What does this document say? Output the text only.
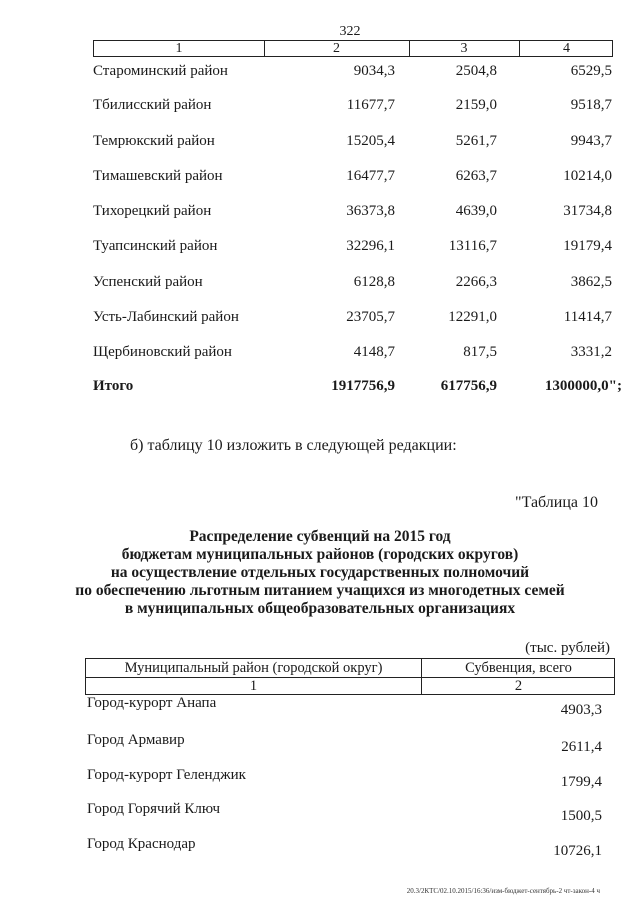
322
1	2	3	4
Староминский район	9034,3	2504,8	6529,5
Тбилисский район	11677,7	2159,0	9518,7
Темрюкский район	15205,4	5261,7	9943,7
Тимашевский район	16477,7	6263,7	10214,0
Тихорецкий район	36373,8	4639,0	31734,8
Туапсинский район	32296,1	13116,7	19179,4
Успенский район	6128,8	2266,3	3862,5
Усть-Лабинский район	23705,7	12291,0	11414,7
Щербиновский район	4148,7	817,5	3331,2
Итого	1917756,9	617756,9	1300000,0";
б) таблицу 10 изложить в следующей редакции:
"Таблица 10
Распределение субвенций на 2015 год
бюджетам муниципальных районов (городских округов)
на осуществление отдельных государственных полномочий
по обеспечению льготным питанием учащихся из многодетных семей
в муниципальных общеобразовательных организациях
(тыс. рублей)
Муниципальный район (городской округ)	Субвенция, всего
1	2
Город-курорт Анапа	4903,3
Город Армавир	2611,4
Город-курорт Геленджик	1799,4
Город Горячий Ключ	1500,5
Город Краснодар	10726,1
20.3/2КТС/02.10.2015/16:36/изм-бюджет-сентябрь-2 чт-закон-4 ч
